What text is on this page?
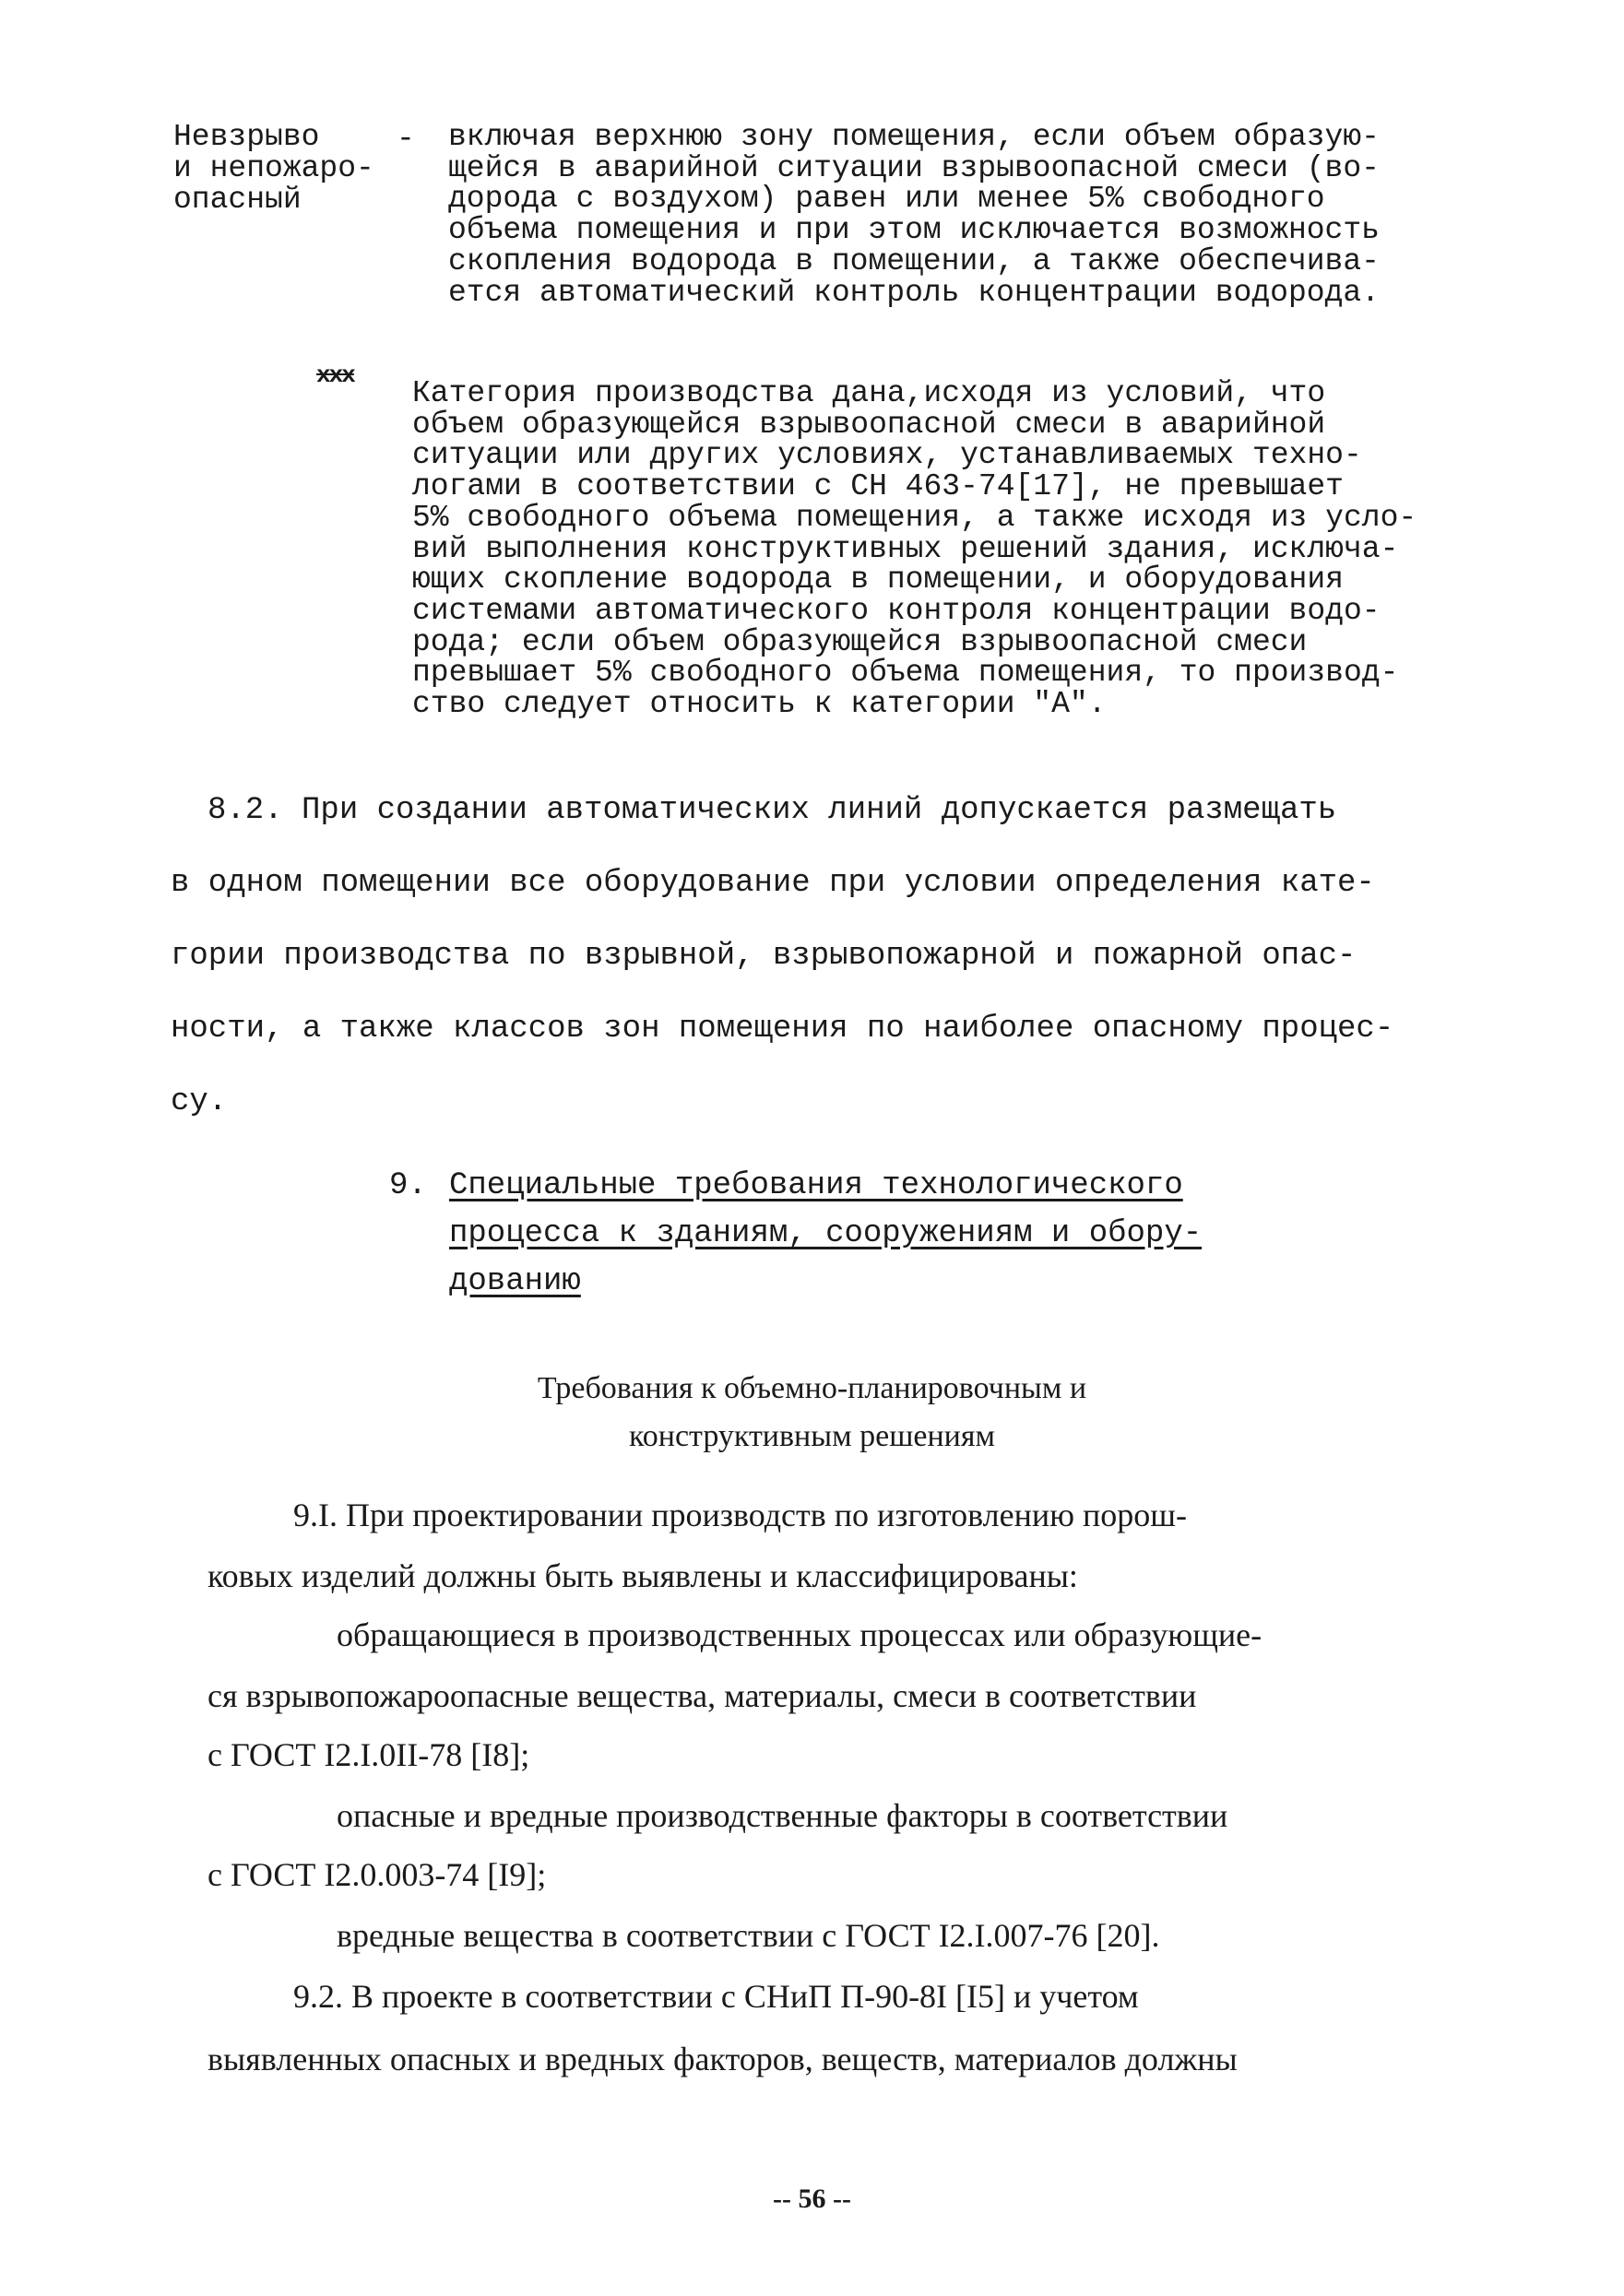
Невзрыво
и непожаро-
опасный
- включая верхнюю зону помещения, если объем образую-
щейся в аварийной ситуации взрывоопасной смеси (во-
дорода с воздухом) равен или менее 5% свободного
объема помещения и при этом исключается возможность
скопления водорода в помещении, а также обеспечива-
ется автоматический контроль концентрации водорода.
xxx
Категория производства дана,исходя из условий, что
объем образующейся взрывоопасной смеси в аварийной
ситуации или других условиях, устанавливаемых техно-
логами в соответствии с СН 463-74[17], не превышает
5% свободного объема помещения, а также исходя из усло-
вий выполнения конструктивных решений здания, исключа-
ющих скопление водорода в помещении, и оборудования
системами автоматического контроля концентрации водо-
рода; если объем образующейся взрывоопасной смеси
превышает 5% свободного объема помещения, то производ-
ство следует относить к категории "А".
8.2. При создании автоматических линий допускается размещать
в одном помещении все оборудование при условии определения кате-
гории производства по взрывной, взрывопожарной и пожарной опас-
ности, а также классов зон помещения по наиболее опасному процес-
су.
9. Специальные требования технологического
процесса к зданиям, сооружениям и обору-
дованию
Требования к объемно-планировочным и
конструктивным решениям
9.I. При проектировании производств по изготовлению порош-
ковых изделий должны быть выявлены и классифицированы:
обращающиеся в производственных процессах или образующие-
ся взрывопожароопасные вещества, материалы, смеси в соответствии
с ГОСТ I2.I.0II-78 [I8];
опасные и вредные производственные факторы в соответствии
с ГОСТ I2.0.003-74 [I9];
вредные вещества в соответствии с ГОСТ I2.I.007-76 [20].
9.2. В проекте в соответствии с СНиП П-90-8I [I5] и учетом
выявленных опасных и вредных факторов, веществ, материалов должны
-- 56 --
